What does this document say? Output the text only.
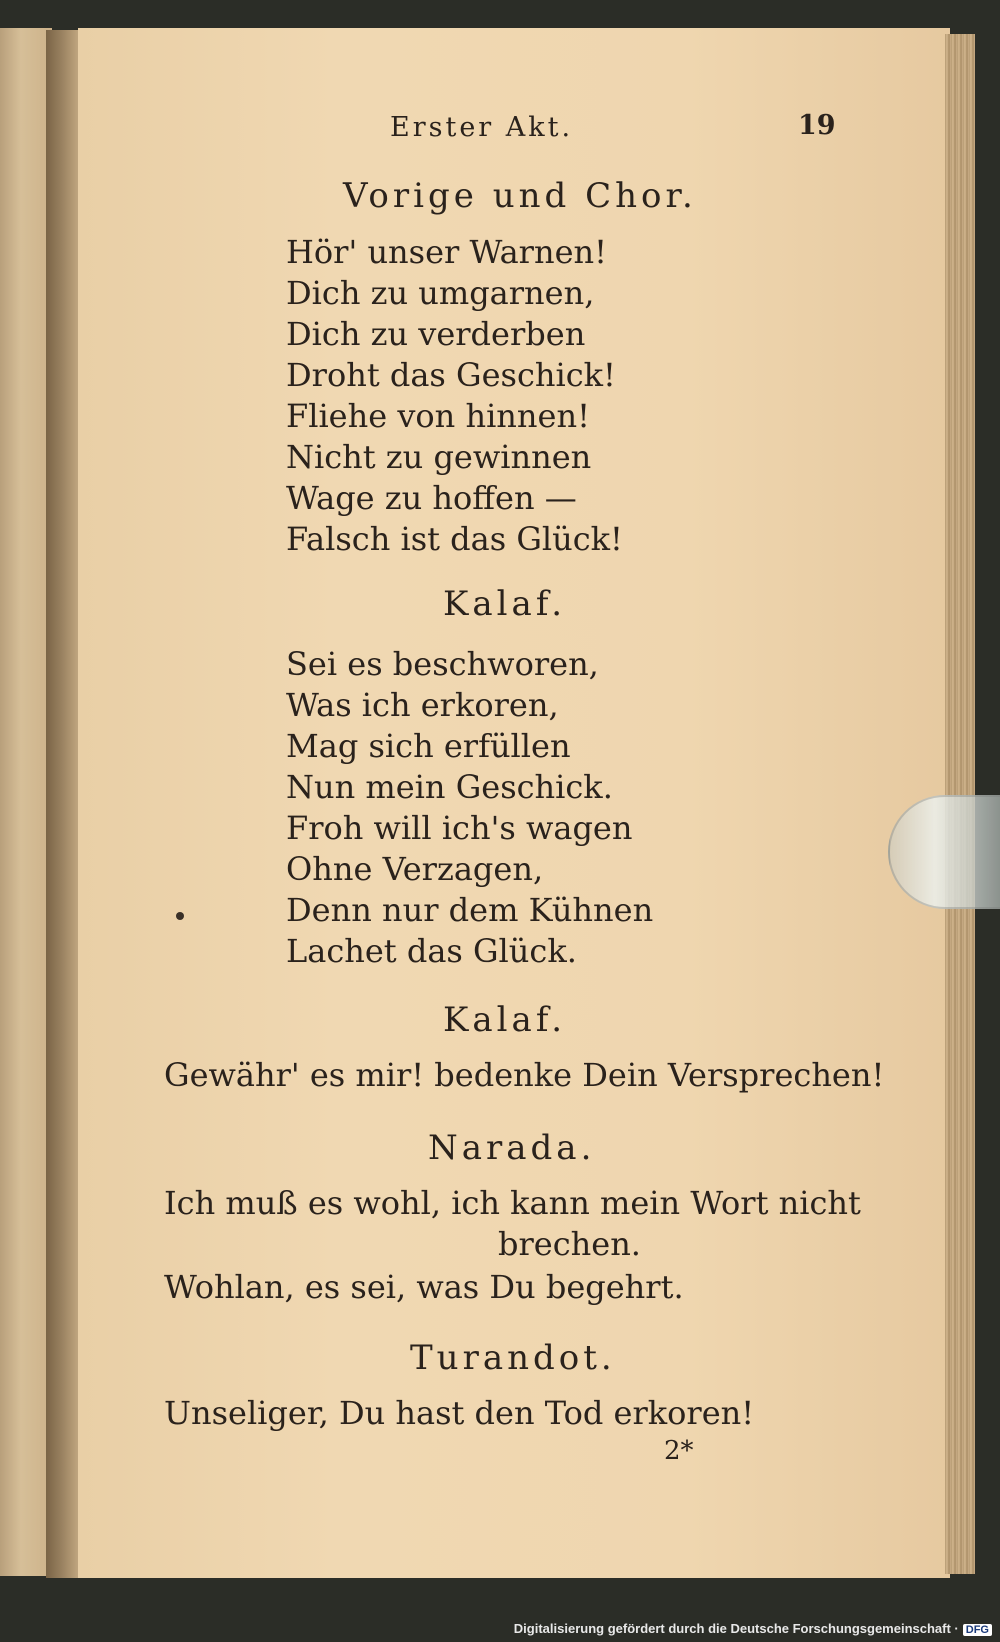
Erster Akt.	19
Vorige und Chor.
Hör' unser Warnen!
Dich zu umgarnen,
Dich zu verderben
Droht das Geschick!
Fliehe von hinnen!
Nicht zu gewinnen
Wage zu hoffen —
Falsch ist das Glück!
Kalaf.
Sei es beschworen,
Was ich erkoren,
Mag sich erfüllen
Nun mein Geschick.
Froh will ich's wagen
Ohne Verzagen,
Denn nur dem Kühnen
Lachet das Glück.
Kalaf.
Gewähr' es mir! bedenke Dein Versprechen!
Narada.
Ich muß es wohl, ich kann mein Wort nicht
brechen.
Wohlan, es sei, was Du begehrt.
Turandot.
Unseliger, Du hast den Tod erkoren!
2*
Digitalisierung gefördert durch die Deutsche Forschungsgemeinschaft · DFG
